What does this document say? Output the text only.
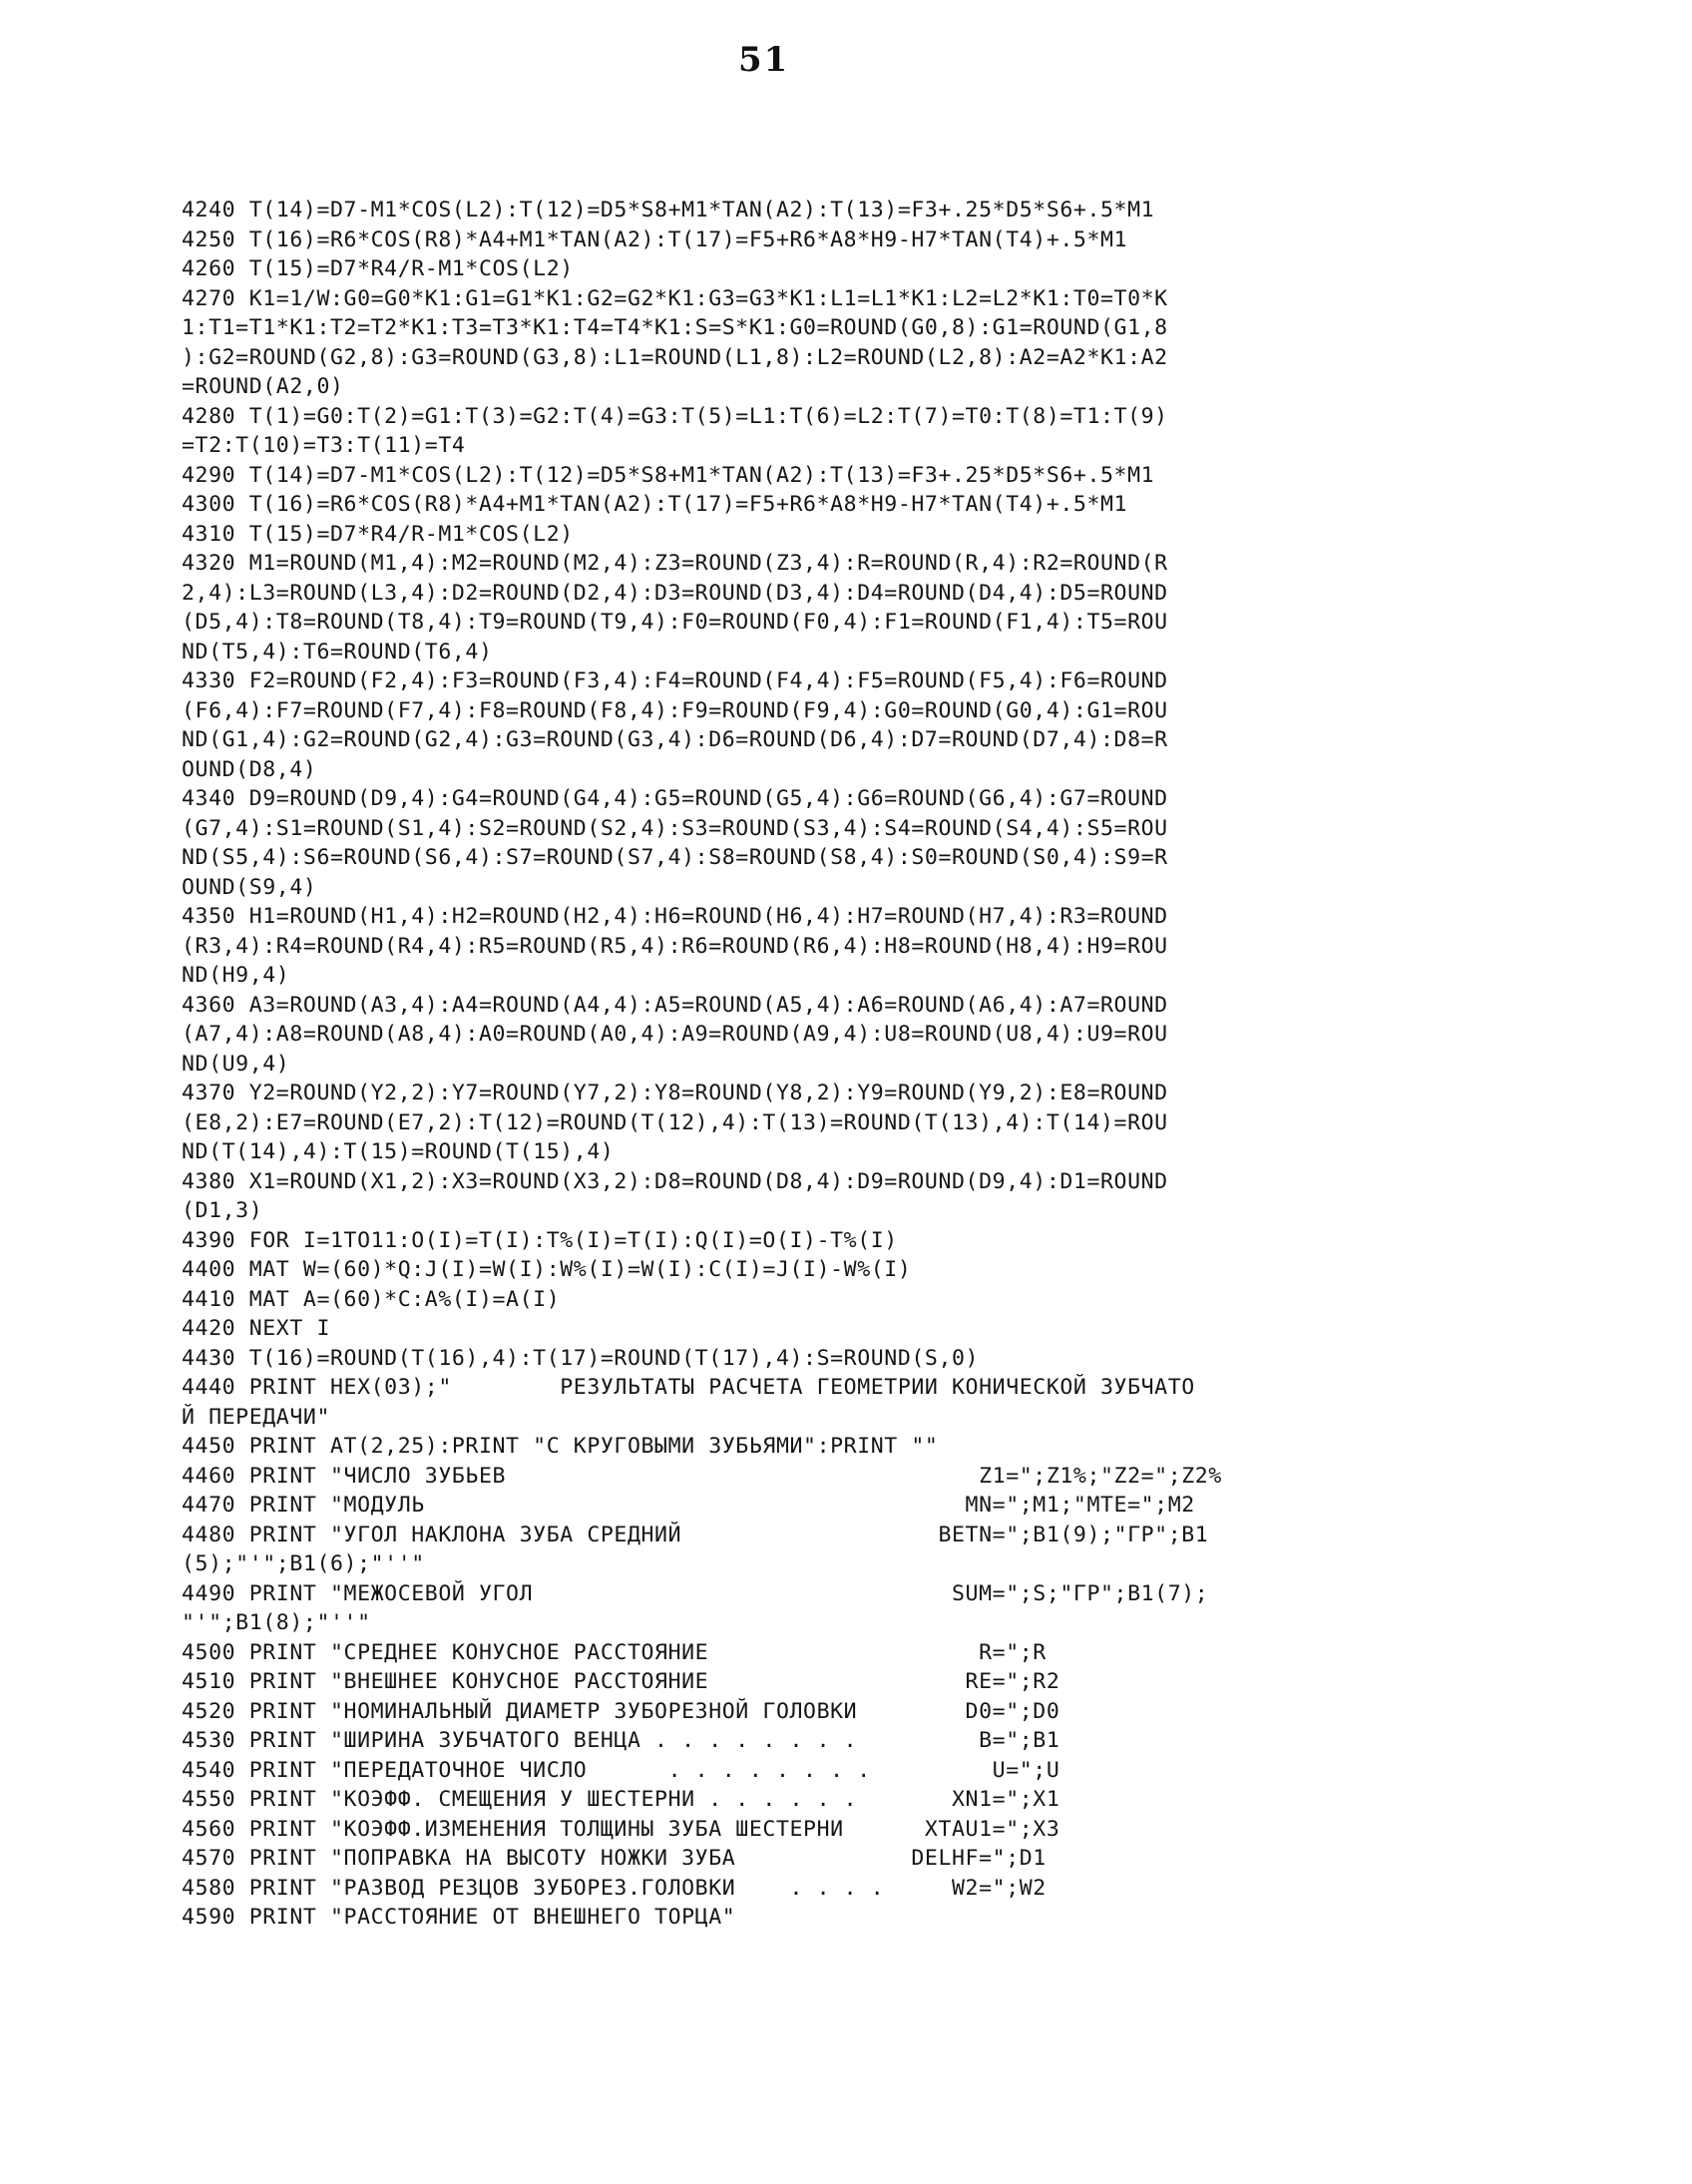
51
4240 T(14)=D7-M1*COS(L2):T(12)=D5*S8+M1*TAN(A2):T(13)=F3+.25*D5*S6+.5*M1
4250 T(16)=R6*COS(R8)*A4+M1*TAN(A2):T(17)=F5+R6*A8*H9-H7*TAN(T4)+.5*M1
4260 T(15)=D7*R4/R-M1*COS(L2)
4270 K1=1/W:G0=G0*K1:G1=G1*K1:G2=G2*K1:G3=G3*K1:L1=L1*K1:L2=L2*K1:T0=T0*K
1:T1=T1*K1:T2=T2*K1:T3=T3*K1:T4=T4*K1:S=S*K1:G0=ROUND(G0,8):G1=ROUND(G1,8
):G2=ROUND(G2,8):G3=ROUND(G3,8):L1=ROUND(L1,8):L2=ROUND(L2,8):A2=A2*K1:A2
=ROUND(A2,0)
4280 T(1)=G0:T(2)=G1:T(3)=G2:T(4)=G3:T(5)=L1:T(6)=L2:T(7)=T0:T(8)=T1:T(9)
=T2:T(10)=T3:T(11)=T4
4290 T(14)=D7-M1*COS(L2):T(12)=D5*S8+M1*TAN(A2):T(13)=F3+.25*D5*S6+.5*M1
4300 T(16)=R6*COS(R8)*A4+M1*TAN(A2):T(17)=F5+R6*A8*H9-H7*TAN(T4)+.5*M1
4310 T(15)=D7*R4/R-M1*COS(L2)
4320 M1=ROUND(M1,4):M2=ROUND(M2,4):Z3=ROUND(Z3,4):R=ROUND(R,4):R2=ROUND(R
2,4):L3=ROUND(L3,4):D2=ROUND(D2,4):D3=ROUND(D3,4):D4=ROUND(D4,4):D5=ROUND
(D5,4):T8=ROUND(T8,4):T9=ROUND(T9,4):F0=ROUND(F0,4):F1=ROUND(F1,4):T5=ROU
ND(T5,4):T6=ROUND(T6,4)
4330 F2=ROUND(F2,4):F3=ROUND(F3,4):F4=ROUND(F4,4):F5=ROUND(F5,4):F6=ROUND
(F6,4):F7=ROUND(F7,4):F8=ROUND(F8,4):F9=ROUND(F9,4):G0=ROUND(G0,4):G1=ROU
ND(G1,4):G2=ROUND(G2,4):G3=ROUND(G3,4):D6=ROUND(D6,4):D7=ROUND(D7,4):D8=R
OUND(D8,4)
4340 D9=ROUND(D9,4):G4=ROUND(G4,4):G5=ROUND(G5,4):G6=ROUND(G6,4):G7=ROUND
(G7,4):S1=ROUND(S1,4):S2=ROUND(S2,4):S3=ROUND(S3,4):S4=ROUND(S4,4):S5=ROU
ND(S5,4):S6=ROUND(S6,4):S7=ROUND(S7,4):S8=ROUND(S8,4):S0=ROUND(S0,4):S9=R
OUND(S9,4)
4350 H1=ROUND(H1,4):H2=ROUND(H2,4):H6=ROUND(H6,4):H7=ROUND(H7,4):R3=ROUND
(R3,4):R4=ROUND(R4,4):R5=ROUND(R5,4):R6=ROUND(R6,4):H8=ROUND(H8,4):H9=ROU
ND(H9,4)
4360 A3=ROUND(A3,4):A4=ROUND(A4,4):A5=ROUND(A5,4):A6=ROUND(A6,4):A7=ROUND
(A7,4):A8=ROUND(A8,4):A0=ROUND(A0,4):A9=ROUND(A9,4):U8=ROUND(U8,4):U9=ROU
ND(U9,4)
4370 Y2=ROUND(Y2,2):Y7=ROUND(Y7,2):Y8=ROUND(Y8,2):Y9=ROUND(Y9,2):E8=ROUND
(E8,2):E7=ROUND(E7,2):T(12)=ROUND(T(12),4):T(13)=ROUND(T(13),4):T(14)=ROU
ND(T(14),4):T(15)=ROUND(T(15),4)
4380 X1=ROUND(X1,2):X3=ROUND(X3,2):D8=ROUND(D8,4):D9=ROUND(D9,4):D1=ROUND
(D1,3)
4390 FOR I=1TO11:O(I)=T(I):T%(I)=T(I):Q(I)=O(I)-T%(I)
4400 MAT W=(60)*Q:J(I)=W(I):W%(I)=W(I):C(I)=J(I)-W%(I)
4410 MAT A=(60)*C:A%(I)=A(I)
4420 NEXT I
4430 T(16)=ROUND(T(16),4):T(17)=ROUND(T(17),4):S=ROUND(S,0)
4440 PRINT HEX(03);"        РЕЗУЛЬТАТЫ РАСЧЕТА ГЕОМЕТРИИ КОНИЧЕСКОЙ ЗУБЧАТО
Й ПЕРЕДАЧИ"
4450 PRINT AT(2,25):PRINT "С КРУГОВЫМИ ЗУБЬЯМИ":PRINT ""
4460 PRINT "ЧИСЛО ЗУБЬЕВ                                   Z1=";Z1%;"Z2=";Z2%
4470 PRINT "МОДУЛЬ                                        MN=";M1;"MTE=";M2
4480 PRINT "УГОЛ НАКЛОНА ЗУБА СРЕДНИЙ                   BETN=";B1(9);"ГР";B1
(5);"'";B1(6);"''"
4490 PRINT "МЕЖОСЕВОЙ УГОЛ                               SUM=";S;"ГР";B1(7);
"'";B1(8);"''"
4500 PRINT "СРЕДНЕЕ КОНУСНОЕ РАССТОЯНИЕ                    R=";R
4510 PRINT "ВНЕШНЕЕ КОНУСНОЕ РАССТОЯНИЕ                   RE=";R2
4520 PRINT "НОМИНАЛЬНЫЙ ДИАМЕТР ЗУБОРЕЗНОЙ ГОЛОВКИ        D0=";D0
4530 PRINT "ШИРИНА ЗУБЧАТОГО ВЕНЦА . . . . . . . .         B=";B1
4540 PRINT "ПЕРЕДАТОЧНОЕ ЧИСЛО      . . . . . . . .         U=";U
4550 PRINT "КОЭФФ. СМЕЩЕНИЯ У ШЕСТЕРНИ . . . . . .       XN1=";X1
4560 PRINT "КОЭФФ.ИЗМЕНЕНИЯ ТОЛЩИНЫ ЗУБА ШЕСТЕРНИ      XTAU1=";X3
4570 PRINT "ПОПРАВКА НА ВЫСОТУ НОЖКИ ЗУБА             DELHF=";D1
4580 PRINT "РАЗВОД РЕЗЦОВ ЗУБОРЕЗ.ГОЛОВКИ    . . . .     W2=";W2
4590 PRINT "РАССТОЯНИЕ ОТ ВНЕШНЕГО ТОРЦА"
